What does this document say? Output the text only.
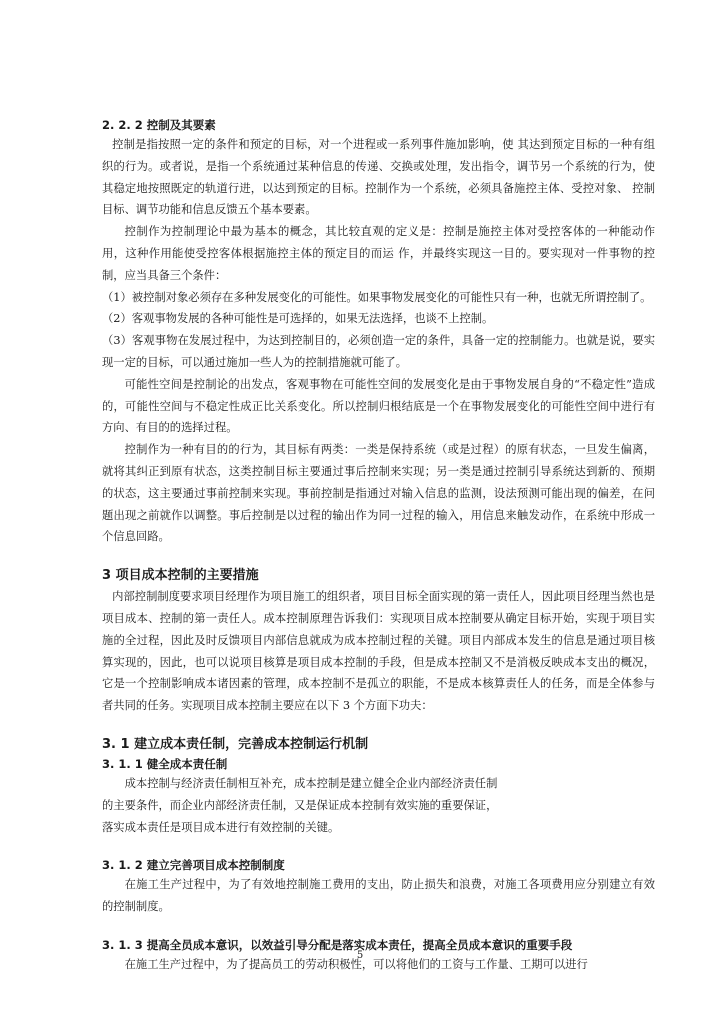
2. 2. 2 控制及其要素

控制是指按照一定的条件和预定的目标，对一个进程或一系列事件施加影响，使 其达到预定目标的一种有组织的行为。或者说，是指一个系统通过某种信息的传递、交换或处理，发出指令，调节另一个系统的行为，使其稳定地按照既定的轨道行进，以达到预定的目标。控制作为一个系统，必须具备施控主体、受控对象、 控制目标、调节功能和信息反馈五个基本要素。

控制作为控制理论中最为基本的概念，其比较直观的定义是：控制是施控主体对受控客体的一种能动作用，这种作用能使受控客体根据施控主体的预定目的而运 作，并最终实现这一目的。要实现对一件事物的控制，应当具备三个条件：

（1）被控制对象必须存在多种发展变化的可能性。如果事物发展变化的可能性只有一种，也就无所谓控制了。

（2）客观事物发展的各种可能性是可选择的，如果无法选择，也谈不上控制。

（3）客观事物在发展过程中，为达到控制目的，必须创造一定的条件，具备一定的控制能力。也就是说，要实现一定的目标，可以通过施加一些人为的控制措施就可能了。

可能性空间是控制论的出发点，客观事物在可能性空间的发展变化是由于事物发展自身的“不稳定性”造成的，可能性空间与不稳定性成正比关系变化。所以控制归根结底是一个在事物发展变化的可能性空间中进行有方向、有目的的选择过程。

控制作为一种有目的的行为，其目标有两类：一类是保持系统（或是过程）的原有状态，一旦发生偏离，就将其纠正到原有状态，这类控制目标主要通过事后控制来实现；另一类是通过控制引导系统达到新的、预期的状态，这主要通过事前控制来实现。事前控制是指通过对输入信息的监测，设法预测可能出现的偏差，在问题出现之前就作以调整。事后控制是以过程的输出作为同一过程的输入，用信息来触发动作，在系统中形成一个信息回路。

3 项目成本控制的主要措施

内部控制制度要求项目经理作为项目施工的组织者，项目目标全面实现的第一责任人，因此项目经理当然也是项目成本、控制的第一责任人。成本控制原理告诉我们：实现项目成本控制要从确定目标开始，实现于项目实施的全过程，因此及时反馈项目内部信息就成为成本控制过程的关键。项目内部成本发生的信息是通过项目核算实现的，因此，也可以说项目核算是项目成本控制的手段，但是成本控制又不是消极反映成本支出的概况，它是一个控制影响成本诸因素的管理，成本控制不是孤立的职能，不是成本核算责任人的任务，而是全体参与者共同的任务。实现项目成本控制主要应在以下 3 个方面下功夫：

3. 1 建立成本责任制，完善成本控制运行机制

3. 1. 1 健全成本责任制

成本控制与经济责任制相互补充，成本控制是建立健全企业内部经济责任制

的主要条件，而企业内部经济责任制，又是保证成本控制有效实施的重要保证，

落实成本责任是项目成本进行有效控制的关键。

3. 1. 2 建立完善项目成本控制制度

在施工生产过程中，为了有效地控制施工费用的支出，防止损失和浪费，对施工各项费用应分别建立有效的控制制度。

3. 1. 3 提高全员成本意识，以效益引导分配是落实成本责任，提高全员成本意识的重要手段

在施工生产过程中，为了提高员工的劳动积极性，可以将他们的工资与工作量、工期可以进行

5
